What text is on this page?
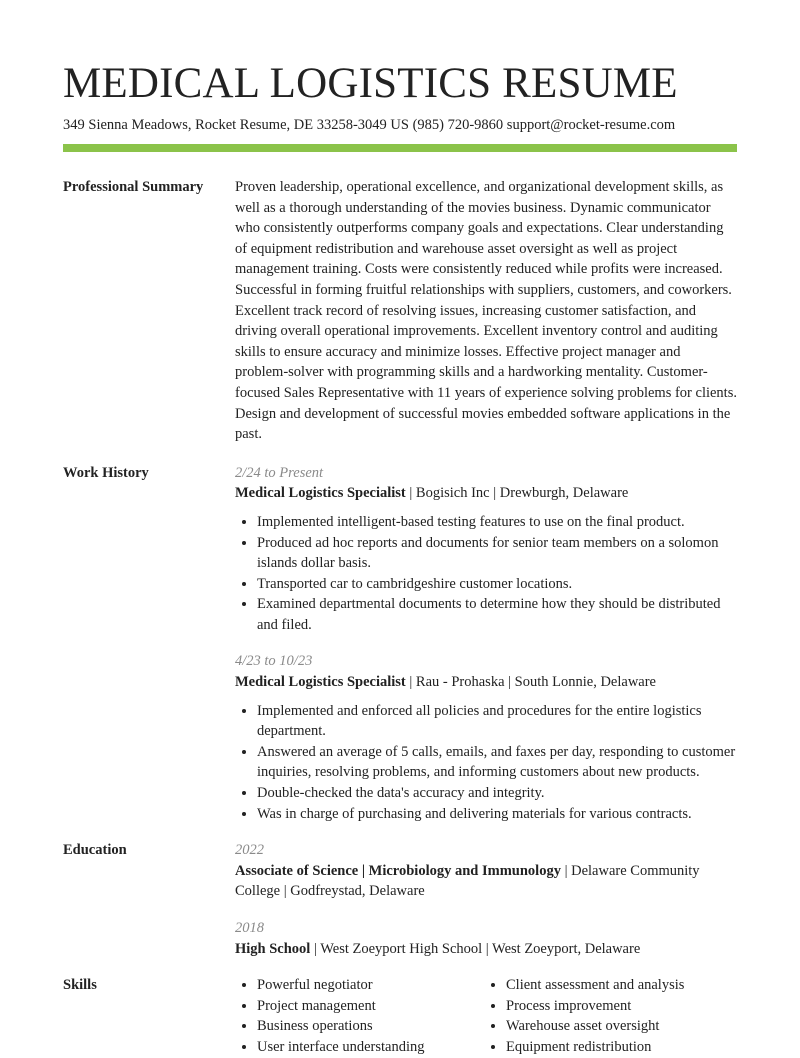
MEDICAL LOGISTICS RESUME
349 Sienna Meadows, Rocket Resume, DE 33258-3049 US (985) 720-9860 support@rocket-resume.com
Professional Summary	Proven leadership, operational excellence, and organizational development skills, as well as a thorough understanding of the movies business. Dynamic communicator who consistently outperforms company goals and expectations. Clear understanding of equipment redistribution and warehouse asset oversight as well as project management training. Costs were consistently reduced while profits were increased. Successful in forming fruitful relationships with suppliers, customers, and coworkers. Excellent track record of resolving issues, increasing customer satisfaction, and driving overall operational improvements. Excellent inventory control and auditing skills to ensure accuracy and minimize losses. Effective project manager and problem-solver with programming skills and a hardworking mentality. Customer-focused Sales Representative with 11 years of experience solving problems for clients. Design and development of successful movies embedded software applications in the past.

Work History	2/24 to Present
Medical Logistics Specialist | Bogisich Inc | Drewburgh, Delaware
• Implemented intelligent-based testing features to use on the final product.
• Produced ad hoc reports and documents for senior team members on a solomon islands dollar basis.
• Transported car to cambridgeshire customer locations.
• Examined departmental documents to determine how they should be distributed and filed.
4/23 to 10/23
Medical Logistics Specialist | Rau - Prohaska | South Lonnie, Delaware
• Implemented and enforced all policies and procedures for the entire logistics department.
• Answered an average of 5 calls, emails, and faxes per day, responding to customer inquiries, resolving problems, and informing customers about new products.
• Double-checked the data's accuracy and integrity.
• Was in charge of purchasing and delivering materials for various contracts.
Education	2022
Associate of Science | Microbiology and Immunology | Delaware Community College | Godfreystad, Delaware
2018
High School | West Zoeyport High School | West Zoeyport, Delaware
Skills
•	Powerful negotiator
• Project management
• Business operations
• User interface understanding
• Client assessment and analysis
• Process improvement
• Warehouse asset oversight
• Equipment redistribution
